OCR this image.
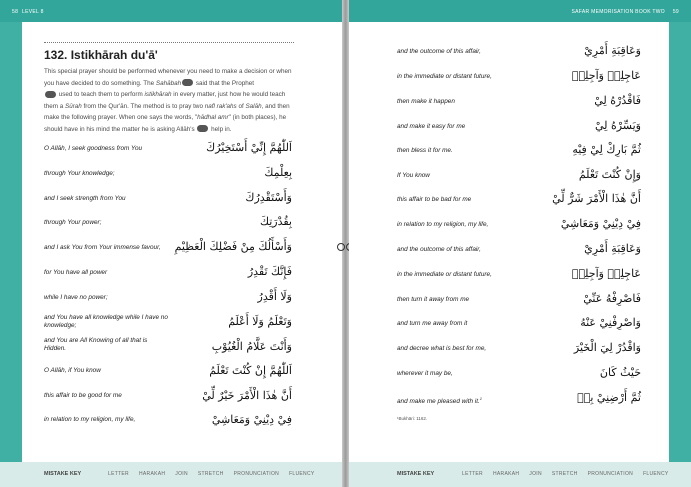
58 LEVEL 8
132. Istikhārah du'ā'
This special prayer should be performed whenever you need to make a decision or when you have decided to do something. The Sahābah said that the Prophet
used to teach them to perform istikhārah in every matter, just how he would teach them a Sūrah from the Qur'ān. The method is to pray two nafl rak'ahs of Salāh, and then make the following prayer. When one says the words, "hādhal amr" (in both places), he should have in his mind the matter he is asking Allāh's  help in.
O Allāh, I seek goodness from You	اَللّٰهُمَّ إِنِّيْ أَسْتَخِيْرُكَ
through Your knowledge;	بِعِلْمِكَ
and I seek strength from You	وَأَسْتَقْدِرُكَ
through Your power;	بِقُدْرَتِكَ
and I ask You from Your immense favour,	وَأَسْأَلُكَ مِنْ فَضْلِكَ الْعَظِيْمِ
for You have all power	فَإِنَّكَ تَقْدِرُ
while I have no power;	وَلَا أَقْدِرُ
and You have all knowledge while I have no knowledge;	وَتَعْلَمُ وَلَا أَعْلَمُ
and You are All Knowing of all that is Hidden.	وَأَنْتَ عَلَّامُ الْغُيُوْبِ
O Allāh, if You know	اَللّٰهُمَّ إِنْ كُنْتَ تَعْلَمُ
this affair to be good for me	أَنَّ هٰذَا الْأَمْرَ خَيْرٌ لِّيْ
in relation to my religion, my life,	فِيْ دِيْنِيْ وَمَعَاشِيْ
MISTAKE KEY	LETTER HARAKAH JOIN STRETCH PRONUNCIATION FLUENCY
SAFAR MEMORISATION BOOK TWO 59
and the outcome of this affair,	وَعَاقِبَةِ أَمْرِيْ
in the immediate or distant future,	عَاجِلِهٖ وَآجِلِهٖ
then make it happen	فَاقْدُرْهُ لِيْ
and make it easy for me	وَيَسِّرْهُ لِيْ
then bless it for me.	ثُمَّ بَارِكْ لِيْ فِيْهِ
If You know	وَإِنْ كُنْتَ تَعْلَمُ
this affair to be bad for me	أَنَّ هٰذَا الْأَمْرَ شَرٌّ لِّيْ
in relation to my religion, my life,	فِيْ دِيْنِيْ وَمَعَاشِيْ
and the outcome of this affair,	وَعَاقِبَةِ أَمْرِيْ
in the immediate or distant future,	عَاجِلِهٖ وَآجِلِهٖ
then turn it away from me	فَاصْرِفْهُ عَنِّيْ
and turn me away from it	وَاصْرِفْنِيْ عَنْهُ
and decree what is best for me,	وَاقْدُرْ لِيَ الْخَيْرَ
wherever it may be,	حَيْثُ كَانَ
and make me pleased with it.$^1$	ثُمَّ أَرْضِنِيْ بِهٖ
¹Bukhāri: 1162.
MISTAKE KEY	LETTER HARAKAH JOIN STRETCH PRONUNCIATION FLUENCY
